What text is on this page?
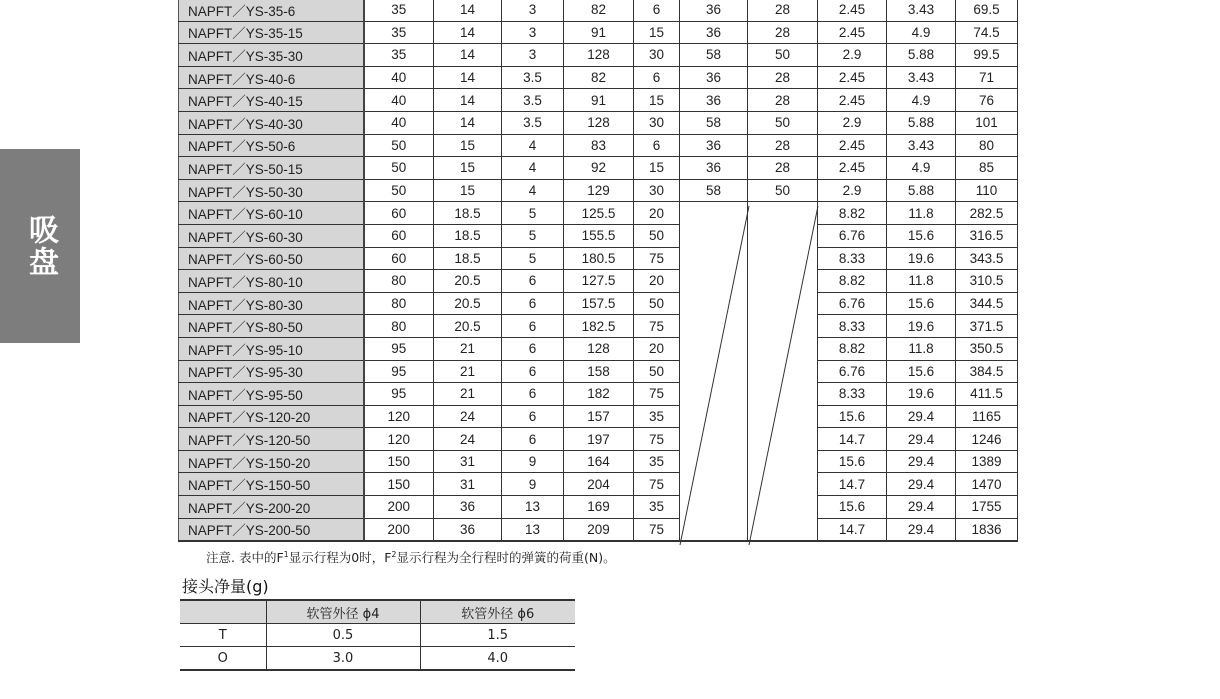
吸盘
NAPFT／YS-35-6	35	14	3	82	6	36	28	2.45	3.43	69.5
NAPFT／YS-35-15	35	14	3	91	15	36	28	2.45	4.9	74.5
NAPFT／YS-35-30	35	14	3	128	30	58	50	2.9	5.88	99.5
NAPFT／YS-40-6	40	14	3.5	82	6	36	28	2.45	3.43	71
NAPFT／YS-40-15	40	14	3.5	91	15	36	28	2.45	4.9	76
NAPFT／YS-40-30	40	14	3.5	128	30	58	50	2.9	5.88	101
NAPFT／YS-50-6	50	15	4	83	6	36	28	2.45	3.43	80
NAPFT／YS-50-15	50	15	4	92	15	36	28	2.45	4.9	85
NAPFT／YS-50-30	50	15	4	129	30	58	50	2.9	5.88	110
NAPFT／YS-60-10	60	18.5	5	125.5	20			8.82	11.8	282.5
NAPFT／YS-60-30	60	18.5	5	155.5	50			6.76	15.6	316.5
NAPFT／YS-60-50	60	18.5	5	180.5	75			8.33	19.6	343.5
NAPFT／YS-80-10	80	20.5	6	127.5	20			8.82	11.8	310.5
NAPFT／YS-80-30	80	20.5	6	157.5	50			6.76	15.6	344.5
NAPFT／YS-80-50	80	20.5	6	182.5	75			8.33	19.6	371.5
NAPFT／YS-95-10	95	21	6	128	20			8.82	11.8	350.5
NAPFT／YS-95-30	95	21	6	158	50			6.76	15.6	384.5
NAPFT／YS-95-50	95	21	6	182	75			8.33	19.6	411.5
NAPFT／YS-120-20	120	24	6	157	35			15.6	29.4	1165
NAPFT／YS-120-50	120	24	6	197	75			14.7	29.4	1246
NAPFT／YS-150-20	150	31	9	164	35			15.6	29.4	1389
NAPFT／YS-150-50	150	31	9	204	75			14.7	29.4	1470
NAPFT／YS-200-20	200	36	13	169	35			15.6	29.4	1755
NAPFT／YS-200-50	200	36	13	209	75			14.7	29.4	1836
注意. 表中的$F^1$显示行程为0时，$F^2$显示行程为全行程时的弹簧的荷重(N)。
接头净量(g)
	软管外径 ϕ4	软管外径 ϕ6
T	0.5	1.5
O	3.0	4.0
